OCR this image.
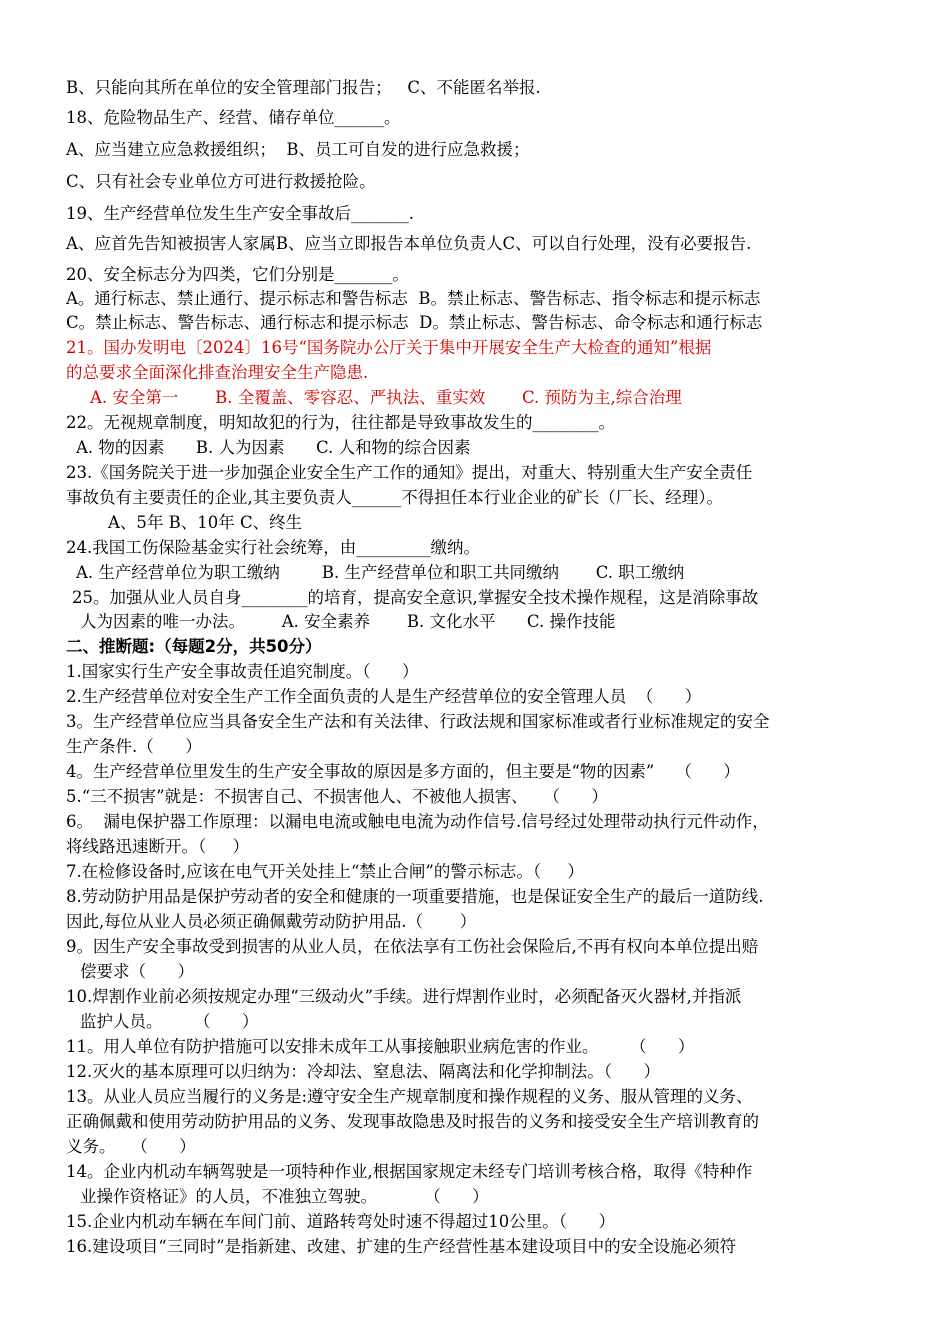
B、只能向其所在单位的安全管理部门报告；   C、不能匿名举报.
18、危险物品生产、经营、储存单位______。
A、应当建立应急救援组织；  B、员工可自发的进行应急救援；
C、只有社会专业单位方可进行救援抢险。
19、生产经营单位发生生产安全事故后_______.
A、应首先告知被损害人家属B、应当立即报告本单位负责人C、可以自行处理，没有必要报告.
20、安全标志分为四类，它们分别是_______。
A。通行标志、禁止通行、提示标志和警告标志  B。禁止标志、警告标志、指令标志和提示标志
C。禁止标志、警告标志、通行标志和提示标志  D。禁止标志、警告标志、命令标志和通行标志
21。国办发明电〔2024〕16号“国务院办公厅关于集中开展安全生产大检查的通知”根据
的总要求全面深化排查治理安全生产隐患.
A. 安全第一       B. 全覆盖、零容忍、严执法、重实效       C. 预防为主,综合治理
22。无视规章制度，明知故犯的行为，往往都是导致事故发生的________。
A. 物的因素      B. 人为因素      C. 人和物的综合因素
23.《国务院关于进一步加强企业安全生产工作的通知》提出，对重大、特别重大生产安全责任
事故负有主要责任的企业,其主要负责人______不得担任本行业企业的矿长（厂长、经理）。
A、5年 B、10年 C、终生
24.我国工伤保险基金实行社会统筹，由_________缴纳。
A. 生产经营单位为职工缴纳        B. 生产经营单位和职工共同缴纳       C. 职工缴纳
25。加强从业人员自身________的培育，提高安全意识,掌握安全技术操作规程，这是消除事故
人为因素的唯一办法。       A. 安全素养       B. 文化水平      C. 操作技能
二、推断题:（每题2分，共50分）
1.国家实行生产安全事故责任追究制度。（      ）
2.生产经营单位对安全生产工作全面负责的人是生产经营单位的安全管理人员  （      ）
3。生产经营单位应当具备安全生产法和有关法律、行政法规和国家标准或者行业标准规定的安全
生产条件.（      ）
4。生产经营单位里发生的生产安全事故的原因是多方面的，但主要是“物的因素”    （      ）
5.“三不损害”就是：不损害自己、不损害他人、不被他人损害、   （      ）
6。  漏电保护器工作原理：以漏电电流或触电电流为动作信号.信号经过处理带动执行元件动作，
将线路迅速断开。（     ）
7.在检修设备时,应该在电气开关处挂上“禁止合闸”的警示标志。（     ）
8.劳动防护用品是保护劳动者的安全和健康的一项重要措施，也是保证安全生产的最后一道防线.
因此,每位从业人员必须正确佩戴劳动防护用品.（       ）
9。因生产安全事故受到损害的从业人员，在依法享有工伤社会保险后,不再有权向本单位提出赔
偿要求（      ）
10.焊割作业前必须按规定办理“三级动火”手续。进行焊割作业时，必须配备灭火器材,并指派
监护人员。      （      ）
11。用人单位有防护措施可以安排未成年工从事接触职业病危害的作业。      （      ）
12.灭火的基本原理可以归纳为：冷却法、窒息法、隔离法和化学抑制法。（      ）
13。从业人员应当履行的义务是:遵守安全生产规章制度和操作规程的义务、服从管理的义务、
正确佩戴和使用劳动防护用品的义务、发现事故隐患及时报告的义务和接受安全生产培训教育的
义务。   （      ）
14。企业内机动车辆驾驶是一项特种作业,根据国家规定未经专门培训考核合格，取得《特种作
业操作资格证》的人员，不准独立驾驶。         （      ）
15.企业内机动车辆在车间门前、道路转弯处时速不得超过10公里。（      ）
16.建设项目“三同时”是指新建、改建、扩建的生产经营性基本建设项目中的安全设施必须符
